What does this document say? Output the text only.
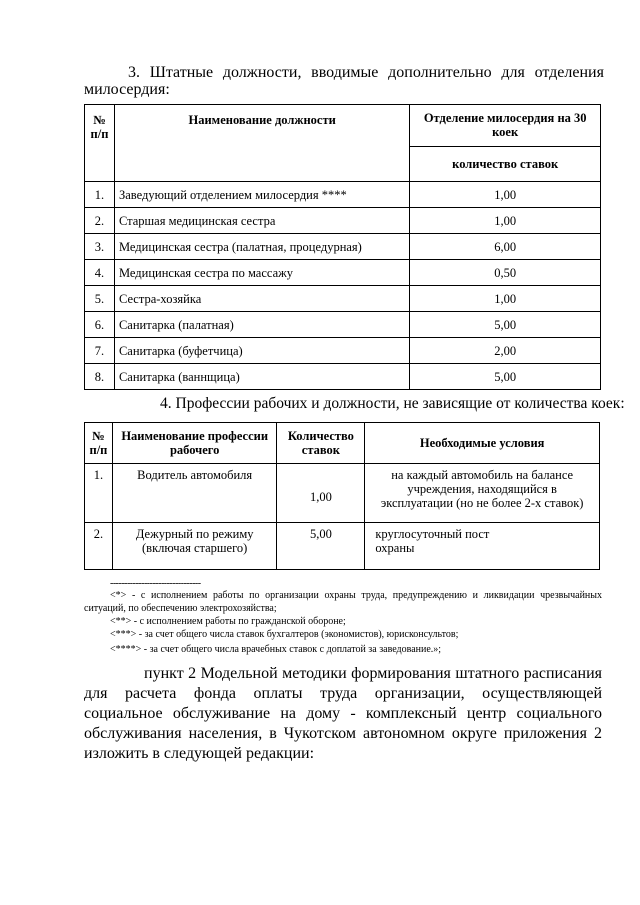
3. Штатные должности, вводимые дополнительно для отделения
милосердия:
№
п/п	Наименование должности	Отделение милосердия на 30 коек
		количество ставок
1.	Заведующий отделением милосердия ****	1,00
2.	Старшая медицинская сестра	1,00
3.	Медицинская сестра (палатная, процедурная)	6,00
4.	Медицинская сестра по массажу	0,50
5.	Сестра-хозяйка	1,00
6.	Санитарка (палатная)	5,00
7.	Санитарка (буфетчица)	2,00
8.	Санитарка (ваннщица)	5,00
4. Профессии рабочих и должности, не зависящие от количества коек:
№
п/п	Наименование профессии рабочего	Количество ставок	Необходимые условия
1.	Водитель автомобиля	1,00	на каждый автомобиль на балансе учреждения, находящийся в эксплуатации (но не более 2-х ставок)
2.	Дежурный по режиму (включая старшего)	5,00	круглосуточный пост охраны
--------------------------------
<*> - с исполнением работы по организации охраны труда, предупреждению и ликвидации чрезвычайных ситуаций, по обеспечению электрохозяйства;
<**> - с исполнением работы по гражданской обороне;
<***> - за счет общего числа ставок бухгалтеров (экономистов), юрисконсультов;
<****> - за счет общего числа врачебных ставок с доплатой за заведование.»;
пункт 2 Модельной методики формирования штатного расписания для расчета фонда оплаты труда организации, осуществляющей социальное обслуживание на дому - комплексный центр социального обслуживания населения, в Чукотском автономном округе приложения 2 изложить в следующей редакции:
